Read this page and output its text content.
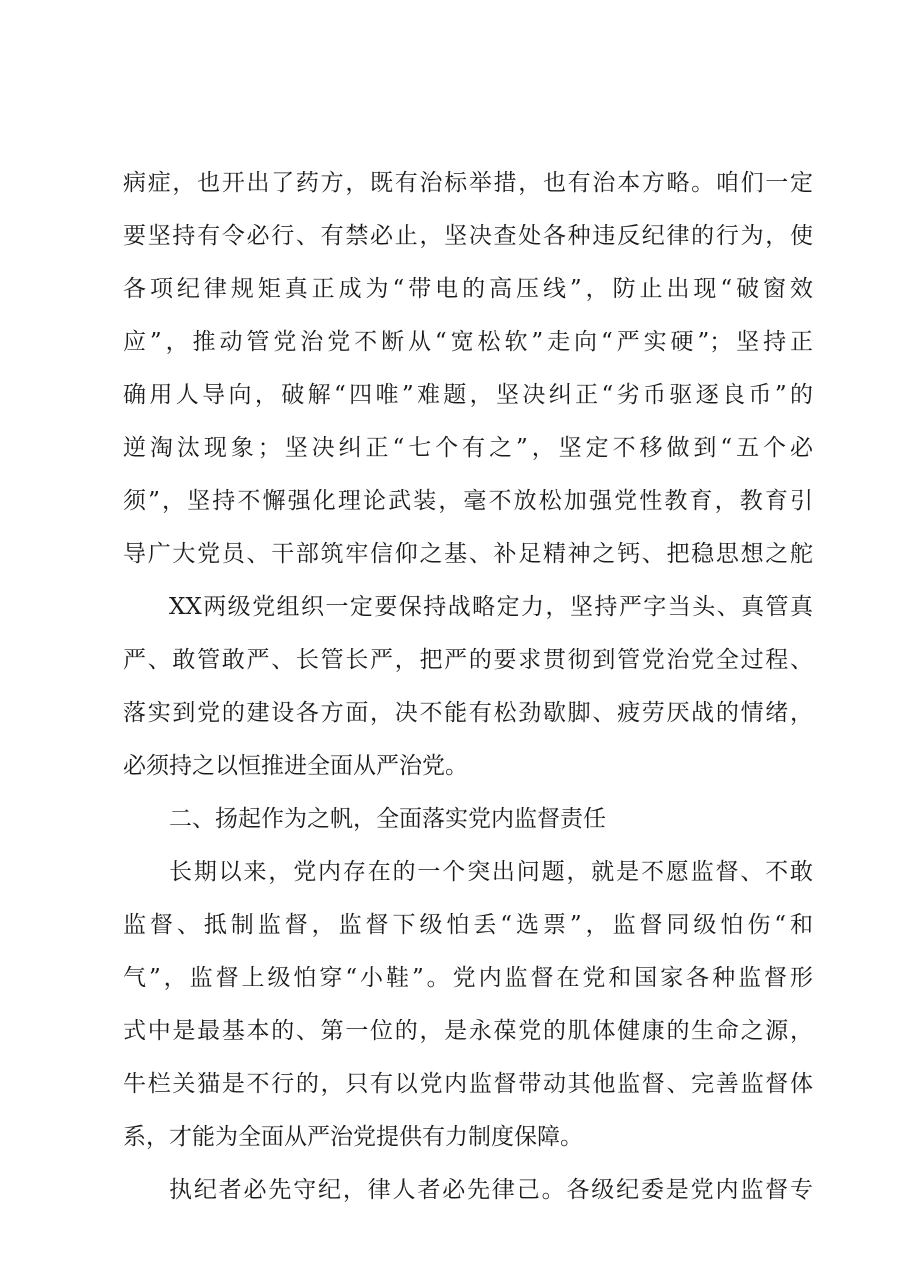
病症，也开出了药方，既有治标举措，也有治本方略。咱们一定
要坚持有令必行、有禁必止，坚决查处各种违反纪律的行为，使
各项纪律规矩真正成为“带电的高压线”，防止出现“破窗效
应”，推动管党治党不断从“宽松软”走向“严实硬”；坚持正
确用人导向，破解“四唯”难题，坚决纠正“劣币驱逐良币”的
逆淘汰现象；坚决纠正“七个有之”，坚定不移做到“五个必
须”，坚持不懈强化理论武装，毫不放松加强党性教育，教育引
导广大党员、干部筑牢信仰之基、补足精神之钙、把稳思想之舵
XX两级党组织一定要保持战略定力，坚持严字当头、真管真
严、敢管敢严、长管长严，把严的要求贯彻到管党治党全过程、
落实到党的建设各方面，决不能有松劲歇脚、疲劳厌战的情绪，
必须持之以恒推进全面从严治党。
二、扬起作为之帆，全面落实党内监督责任
长期以来，党内存在的一个突出问题，就是不愿监督、不敢
监督、抵制监督，监督下级怕丢“选票”，监督同级怕伤“和
气”，监督上级怕穿“小鞋”。党内监督在党和国家各种监督形
式中是最基本的、第一位的，是永葆党的肌体健康的生命之源，
牛栏关猫是不行的，只有以党内监督带动其他监督、完善监督体
系，才能为全面从严治党提供有力制度保障。
执纪者必先守纪，律人者必先律己。各级纪委是党内监督专
